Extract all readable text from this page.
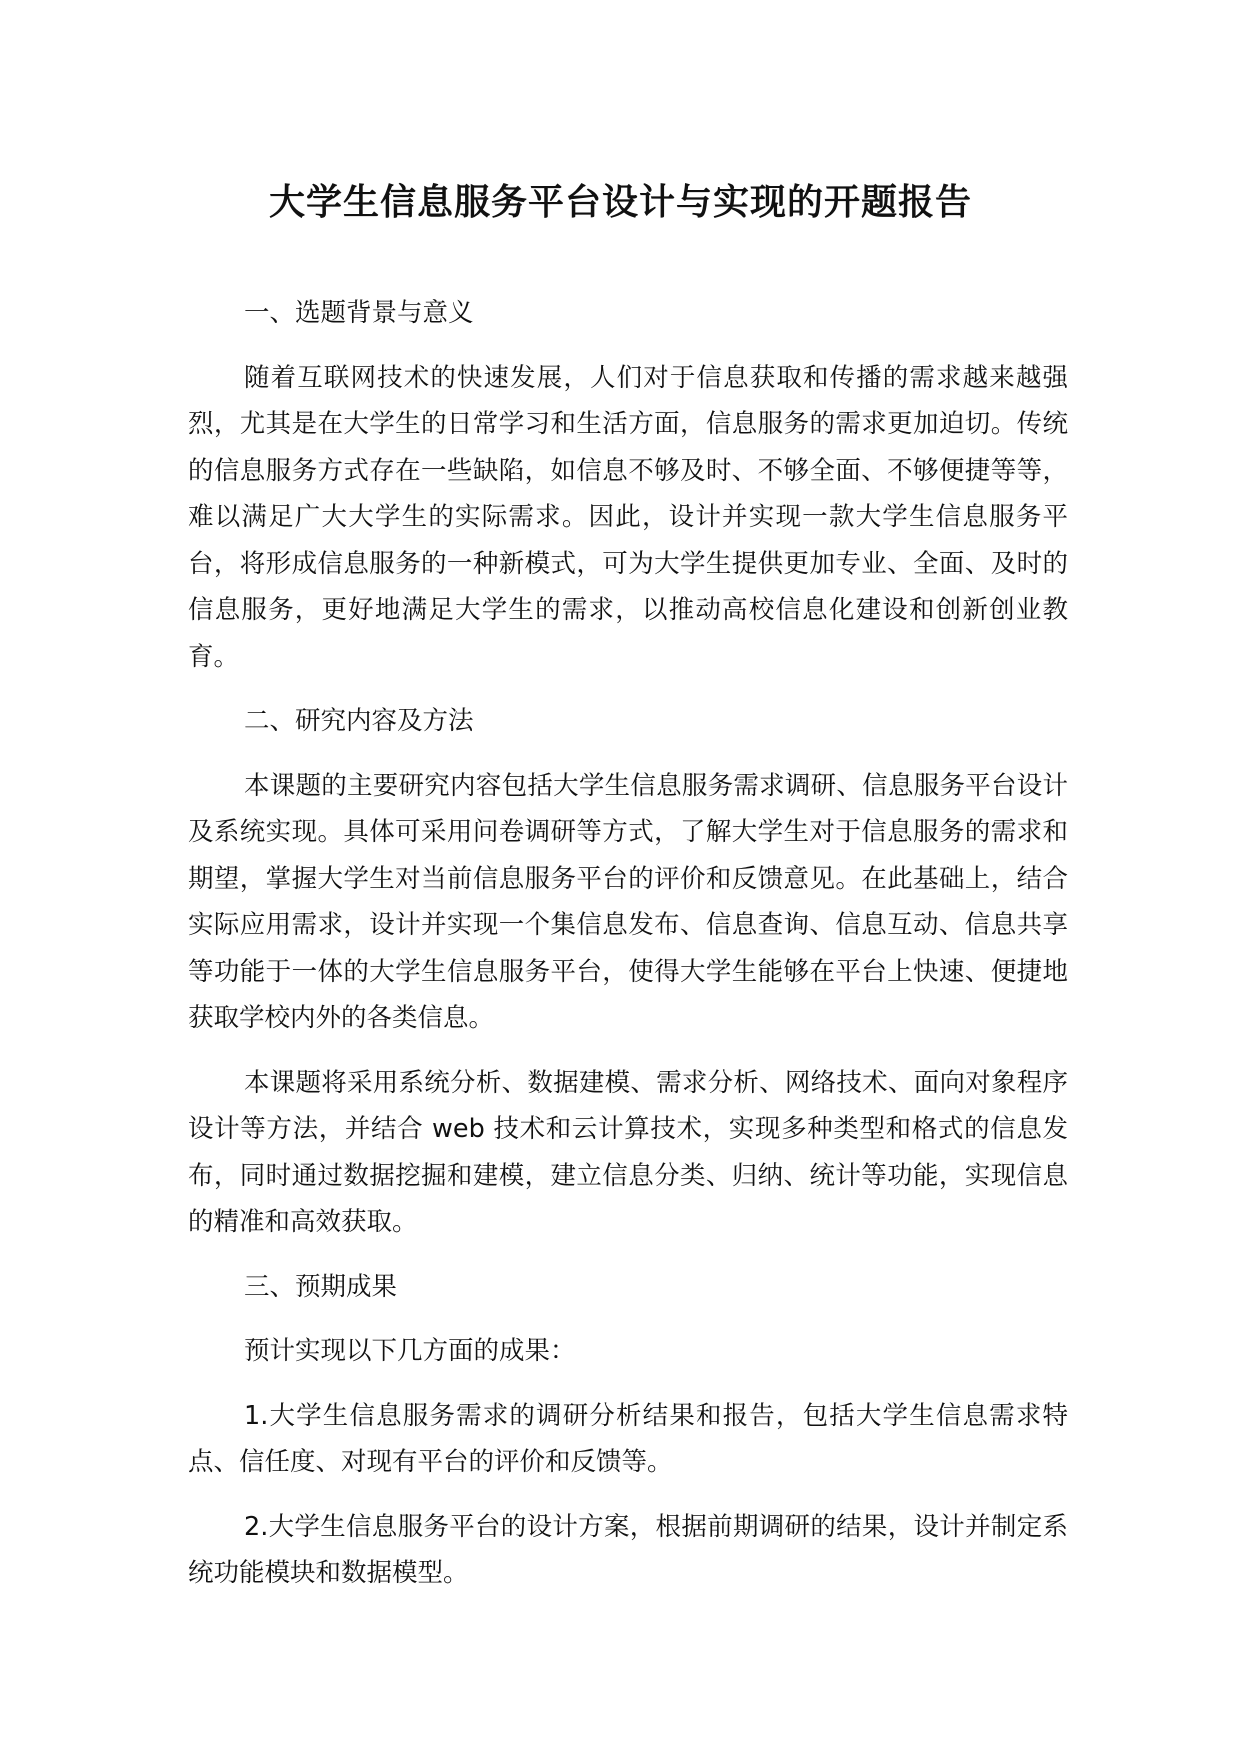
大学生信息服务平台设计与实现的开题报告

一、选题背景与意义

随着互联网技术的快速发展，人们对于信息获取和传播的需求越来越强烈，尤其是在大学生的日常学习和生活方面，信息服务的需求更加迫切。传统的信息服务方式存在一些缺陷，如信息不够及时、不够全面、不够便捷等等，难以满足广大大学生的实际需求。因此，设计并实现一款大学生信息服务平台，将形成信息服务的一种新模式，可为大学生提供更加专业、全面、及时的信息服务，更好地满足大学生的需求，以推动高校信息化建设和创新创业教育。

二、研究内容及方法

本课题的主要研究内容包括大学生信息服务需求调研、信息服务平台设计及系统实现。具体可采用问卷调研等方式，了解大学生对于信息服务的需求和期望，掌握大学生对当前信息服务平台的评价和反馈意见。在此基础上，结合实际应用需求，设计并实现一个集信息发布、信息查询、信息互动、信息共享等功能于一体的大学生信息服务平台，使得大学生能够在平台上快速、便捷地获取学校内外的各类信息。

本课题将采用系统分析、数据建模、需求分析、网络技术、面向对象程序设计等方法，并结合 web 技术和云计算技术，实现多种类型和格式的信息发布，同时通过数据挖掘和建模，建立信息分类、归纳、统计等功能，实现信息的精准和高效获取。

三、预期成果

预计实现以下几方面的成果：

1.大学生信息服务需求的调研分析结果和报告，包括大学生信息需求特点、信任度、对现有平台的评价和反馈等。

2.大学生信息服务平台的设计方案，根据前期调研的结果，设计并制定系统功能模块和数据模型。
